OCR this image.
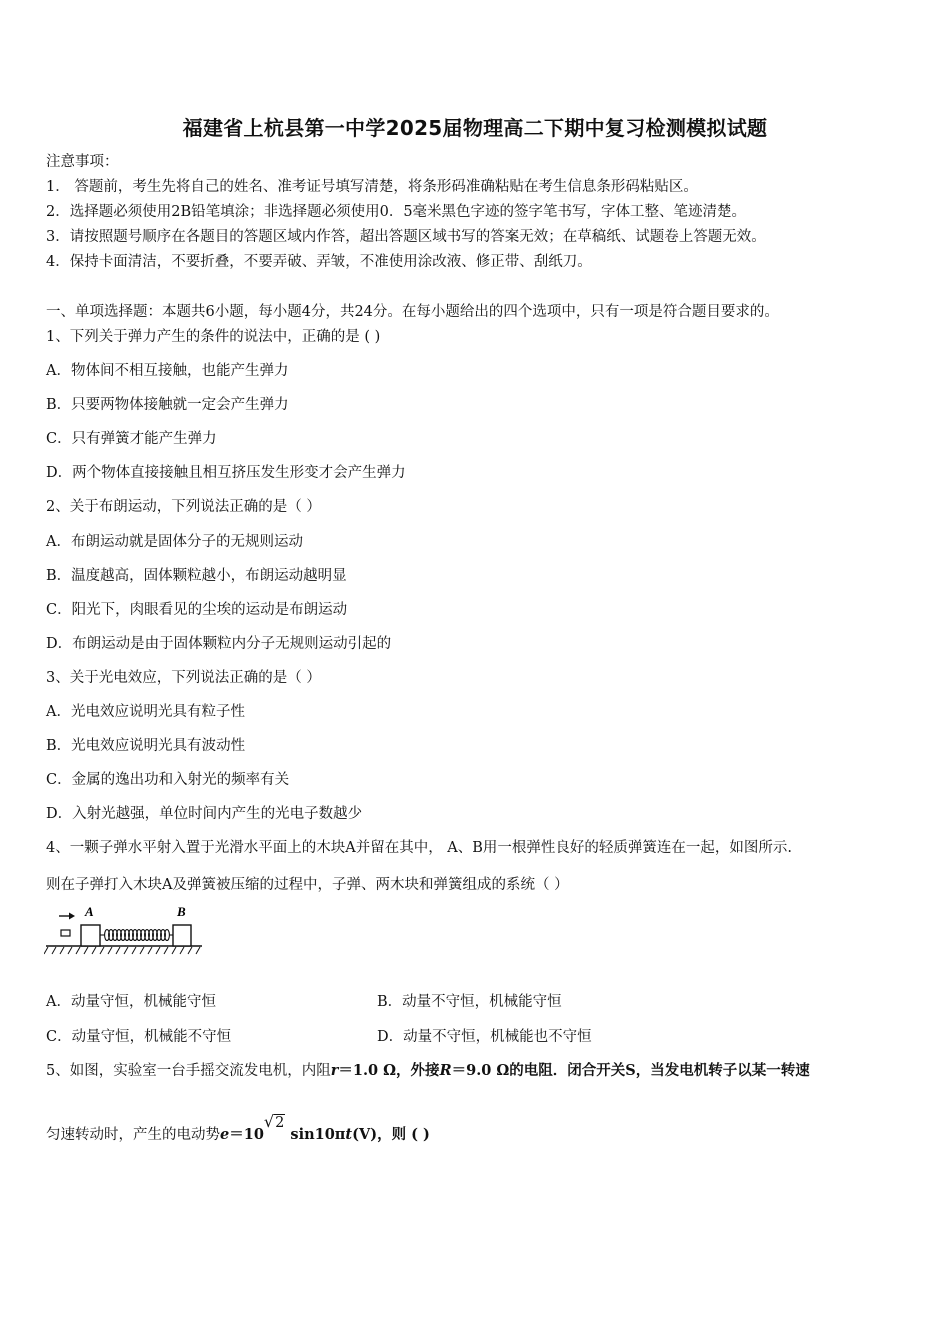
福建省上杭县第一中学2025届物理高二下期中复习检测模拟试题
注意事项：
1． 答题前，考生先将自己的姓名、准考证号填写清楚，将条形码准确粘贴在考生信息条形码粘贴区。
2．选择题必须使用2B铅笔填涂；非选择题必须使用0．5毫米黑色字迹的签字笔书写，字体工整、笔迹清楚。
3．请按照题号顺序在各题目的答题区域内作答，超出答题区域书写的答案无效；在草稿纸、试题卷上答题无效。
4．保持卡面清洁，不要折叠，不要弄破、弄皱，不准使用涂改液、修正带、刮纸刀。
一、单项选择题：本题共6小题，每小题4分，共24分。在每小题给出的四个选项中，只有一项是符合题目要求的。
1、下列关于弹力产生的条件的说法中，正确的是 ( )
A．物体间不相互接触，也能产生弹力
B．只要两物体接触就一定会产生弹力
C．只有弹簧才能产生弹力
D．两个物体直接接触且相互挤压发生形变才会产生弹力
2、关于布朗运动，下列说法正确的是（ ）
A．布朗运动就是固体分子的无规则运动
B．温度越高，固体颗粒越小，布朗运动越明显
C．阳光下，肉眼看见的尘埃的运动是布朗运动
D．布朗运动是由于固体颗粒内分子无规则运动引起的
3、关于光电效应，下列说法正确的是（ ）
A．光电效应说明光具有粒子性
B．光电效应说明光具有波动性
C．金属的逸出功和入射光的频率有关
D．入射光越强，单位时间内产生的光电子数越少
4、一颗子弹水平射入置于光滑水平面上的木块A并留在其中， A、B用一根弹性良好的轻质弹簧连在一起，如图所示.
则在子弹打入木块A及弹簧被压缩的过程中，子弹、两木块和弹簧组成的系统（ ）
A	B
A．动量守恒，机械能守恒	B．动量不守恒，机械能守恒
C．动量守恒，机械能不守恒	D．动量不守恒，机械能也不守恒
5、如图，实验室一台手摇交流发电机，内阻r＝1.0 Ω，外接R＝9.0 Ω的电阻．闭合开关S，当发电机转子以某一转速
匀速转动时，产生的电动势e＝10√2 sin10πt(V)，则 ( )
